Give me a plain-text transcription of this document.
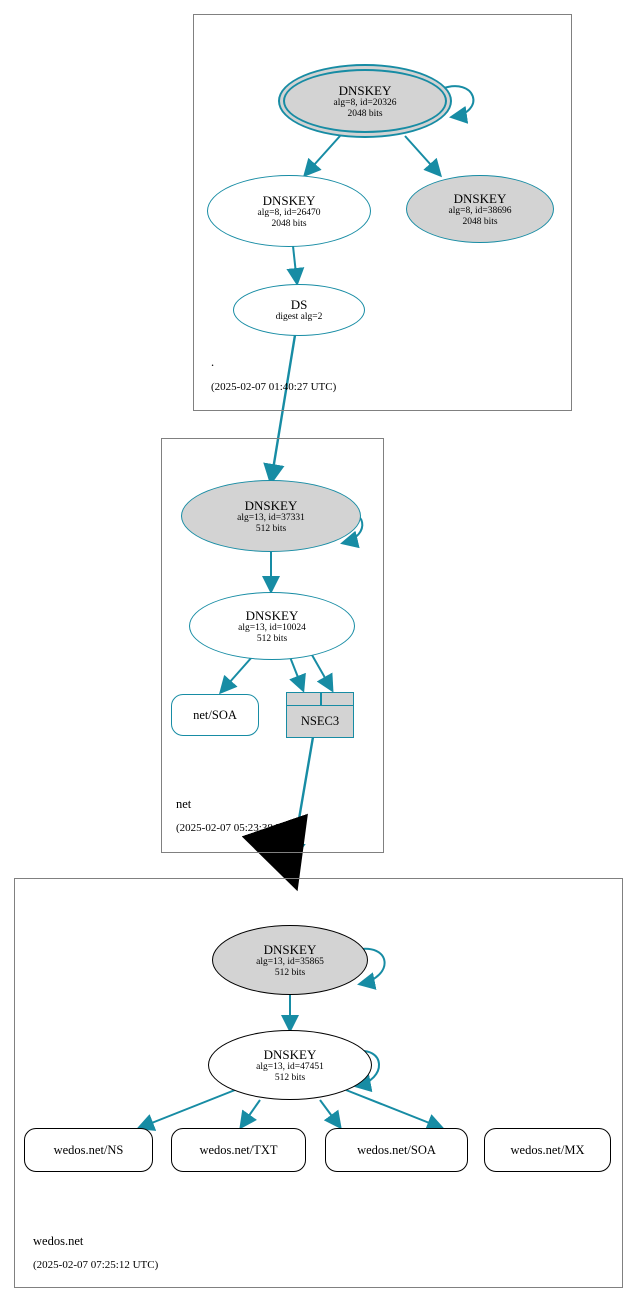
.
(2025-02-07 01:40:27 UTC)
net
(2025-02-07 05:23:38 UTC)
wedos.net
(2025-02-07 07:25:12 UTC)
DNSKEY
alg=8, id=20326
2048 bits
DNSKEY
alg=8, id=26470
2048 bits
DNSKEY
alg=8, id=38696
2048 bits
DS
digest alg=2
DNSKEY
alg=13, id=37331
512 bits
DNSKEY
alg=13, id=10024
512 bits
net/SOA	NSEC3
DNSKEY
alg=13, id=35865
512 bits
DNSKEY
alg=13, id=47451
512 bits
wedos.net/NS	wedos.net/TXT	wedos.net/SOA	wedos.net/MX
